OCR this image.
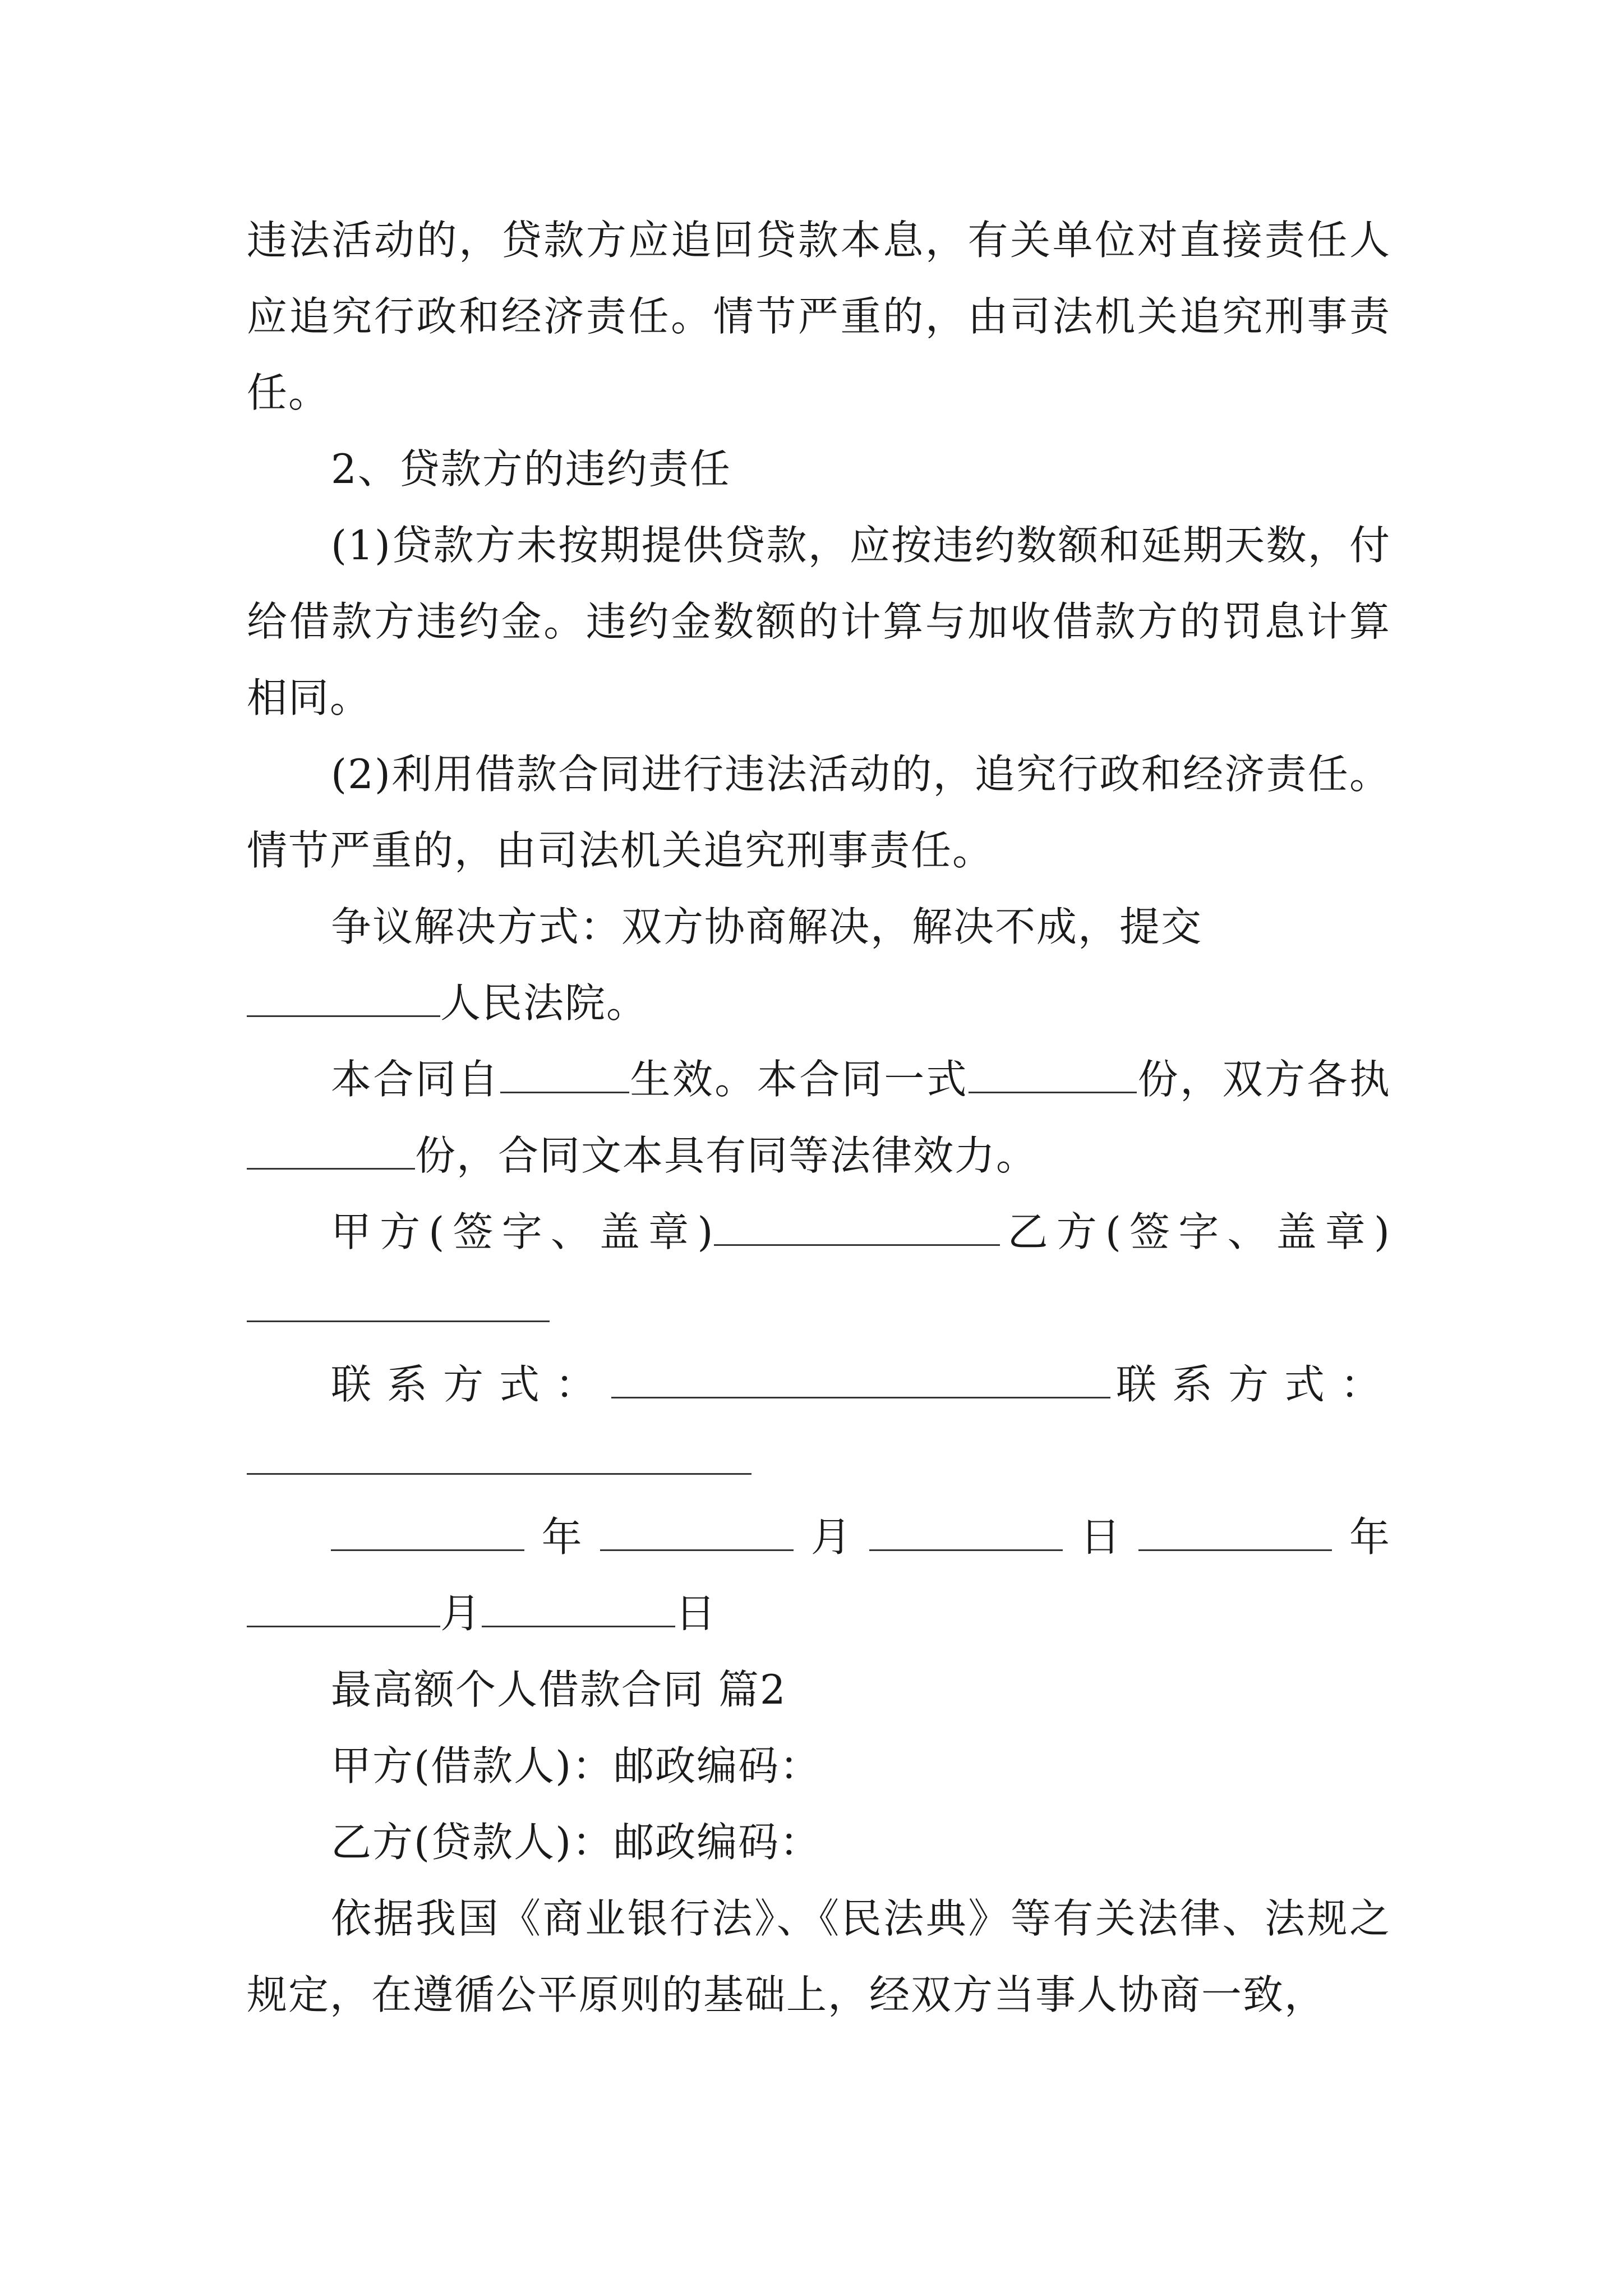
违法活动的，贷款方应追回贷款本息，有关单位对直接责任人应追究行政和经济责任。情节严重的，由司法机关追究刑事责任。

2、贷款方的违约责任

(1)贷款方未按期提供贷款，应按违约数额和延期天数，付给借款方违约金。违约金数额的计算与加收借款方的罚息计算相同。

(2)利用借款合同进行违法活动的，追究行政和经济责任。情节严重的，由司法机关追究刑事责任。

争议解决方式：双方协商解决，解决不成，提交
人民法院。

本合同自	生效。本合同一式	份，双方各执份，合同文本具有同等法律效力。

甲方(签字、盖章)	乙方(签字、盖章)

联系方式：	联系方式：

年	月	日	年月	日

最高额个人借款合同 篇2

甲方(借款人)：邮政编码：

乙方(贷款人)：邮政编码：

依据我国《商业银行法》、《民法典》等有关法律、法规之规定，在遵循公平原则的基础上，经双方当事人协商一致，
